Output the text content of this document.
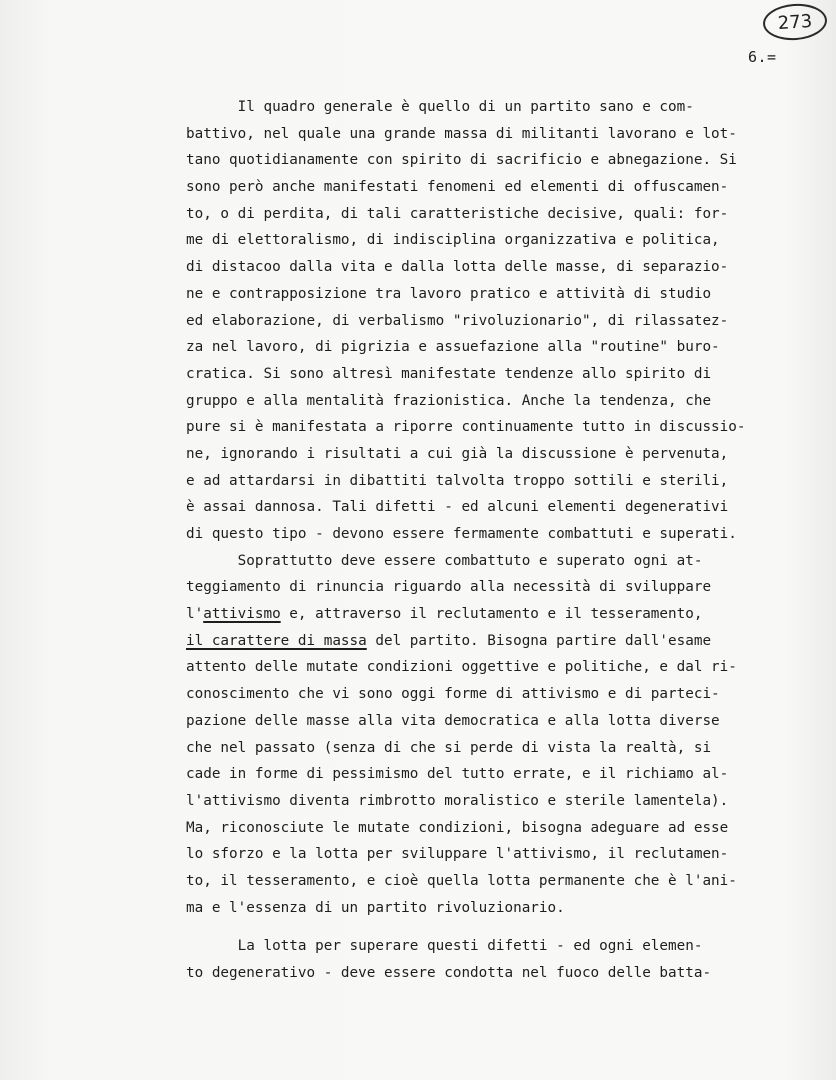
273
6.=
Il quadro generale è quello di un partito sano e com-
battivo, nel quale una grande massa di militanti lavorano e lot-
tano quotidianamente con spirito di sacrificio e abnegazione. Si
sono però anche manifestati fenomeni ed elementi di offuscamen-
to, o di perdita, di tali caratteristiche decisive, quali: for-
me di elettoralismo, di indisciplina organizzativa e politica,
di distacoo dalla vita e dalla lotta delle masse, di separazio-
ne e contrapposizione tra lavoro pratico e attività di studio
ed elaborazione, di verbalismo "rivoluzionario", di rilassatez-
za nel lavoro, di pigrizia e assuefazione alla "routine" buro-
cratica. Si sono altresì manifestate tendenze allo spirito di
gruppo e alla mentalità frazionistica. Anche la tendenza, che
pure si è manifestata a riporre continuamente tutto in discussio-
ne, ignorando i risultati a cui già la discussione è pervenuta,
e ad attardarsi in dibattiti talvolta troppo sottili e sterili,
è assai dannosa. Tali difetti - ed alcuni elementi degenerativi
di questo tipo - devono essere fermamente combattuti e superati.
Soprattutto deve essere combattuto e superato ogni at-
teggiamento di rinuncia riguardo alla necessità di sviluppare
l'attivismo e, attraverso il reclutamento e il tesseramento,
il carattere di massa del partito. Bisogna partire dall'esame
attento delle mutate condizioni oggettive e politiche, e dal ri-
conoscimento che vi sono oggi forme di attivismo e di parteci-
pazione delle masse alla vita democratica e alla lotta diverse
che nel passato (senza di che si perde di vista la realtà, si
cade in forme di pessimismo del tutto errate, e il richiamo al-
l'attivismo diventa rimbrotto moralistico e sterile lamentela).
Ma, riconosciute le mutate condizioni, bisogna adeguare ad esse
lo sforzo e la lotta per sviluppare l'attivismo, il reclutamen-
to, il tesseramento, e cioè quella lotta permanente che è l'ani-
ma e l'essenza di un partito rivoluzionario.
La lotta per superare questi difetti - ed ogni elemen-
to degenerativo - deve essere condotta nel fuoco delle batta-
